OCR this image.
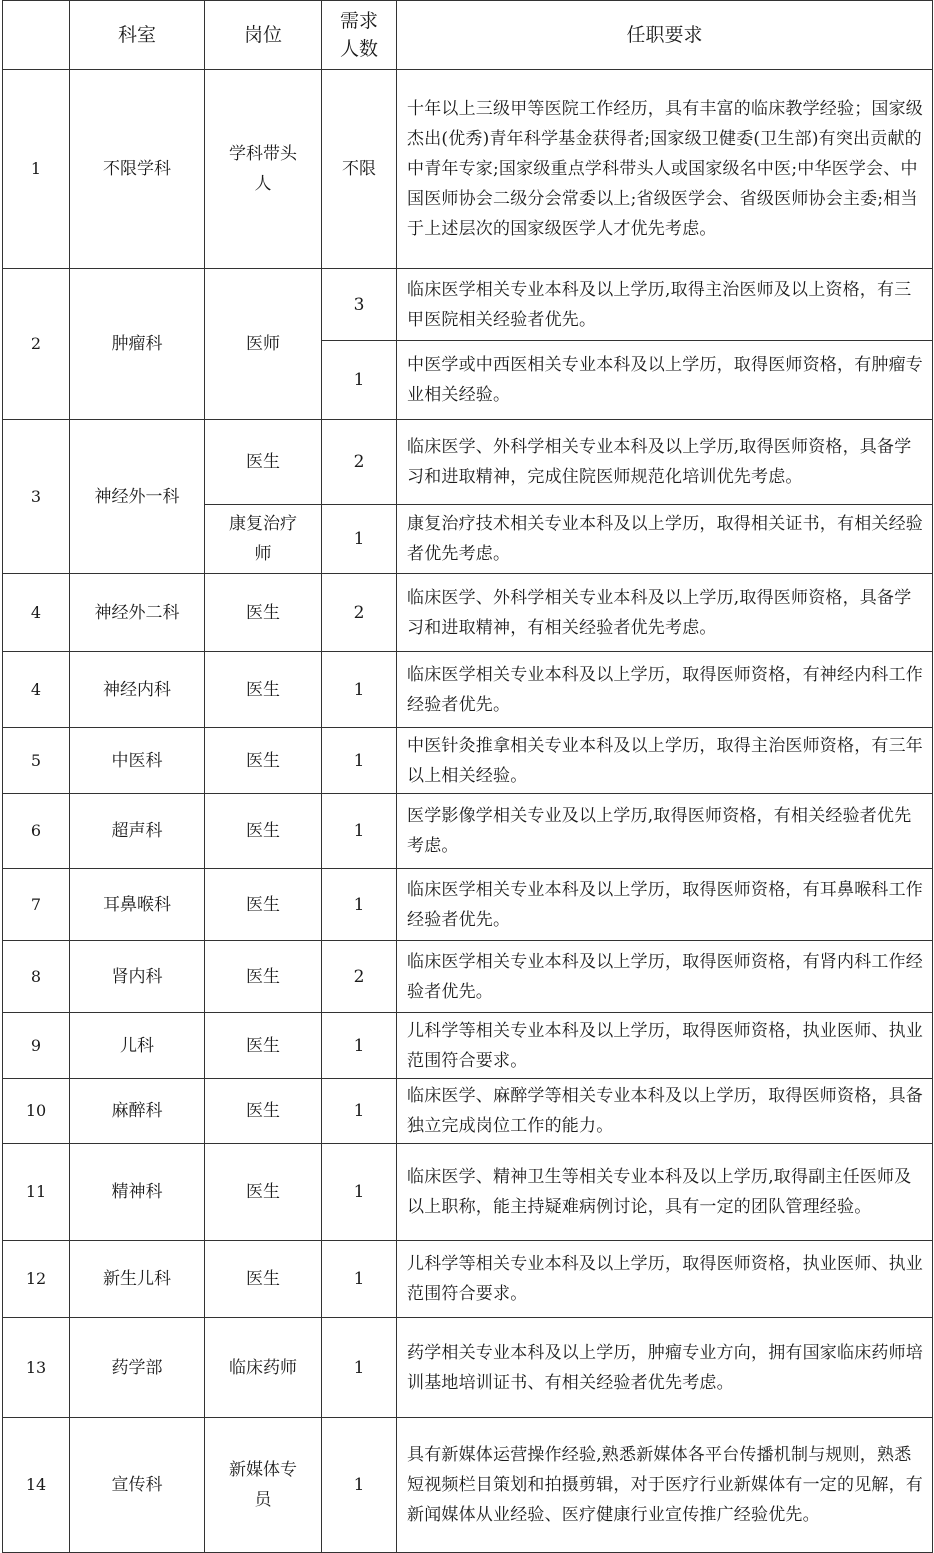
	科室	岗位	需求人数	任职要求
1	不限学科	学科带头人	不限	十年以上三级甲等医院工作经历，具有丰富的临床教学经验；国家级杰出(优秀)青年科学基金获得者;国家级卫健委(卫生部)有突出贡献的中青年专家;国家级重点学科带头人或国家级名中医;中华医学会、中国医师协会二级分会常委以上;省级医学会、省级医师协会主委;相当于上述层次的国家级医学人才优先考虑。
2	肿瘤科	医师	3	临床医学相关专业本科及以上学历,取得主治医师及以上资格，有三甲医院相关经验者优先。
			1	中医学或中西医相关专业本科及以上学历，取得医师资格，有肿瘤专业相关经验。
3	神经外一科	医生	2	临床医学、外科学相关专业本科及以上学历,取得医师资格，具备学习和进取精神，完成住院医师规范化培训优先考虑。
		康复治疗师	1	康复治疗技术相关专业本科及以上学历，取得相关证书，有相关经验者优先考虑。
4	神经外二科	医生	2	临床医学、外科学相关专业本科及以上学历,取得医师资格，具备学习和进取精神，有相关经验者优先考虑。
4	神经内科	医生	1	临床医学相关专业本科及以上学历，取得医师资格，有神经内科工作经验者优先。
5	中医科	医生	1	中医针灸推拿相关专业本科及以上学历，取得主治医师资格，有三年以上相关经验。
6	超声科	医生	1	医学影像学相关专业及以上学历,取得医师资格，有相关经验者优先考虑。
7	耳鼻喉科	医生	1	临床医学相关专业本科及以上学历，取得医师资格，有耳鼻喉科工作经验者优先。
8	肾内科	医生	2	临床医学相关专业本科及以上学历，取得医师资格，有肾内科工作经验者优先。
9	儿科	医生	1	儿科学等相关专业本科及以上学历，取得医师资格，执业医师、执业范围符合要求。
10	麻醉科	医生	1	临床医学、麻醉学等相关专业本科及以上学历，取得医师资格，具备独立完成岗位工作的能力。
11	精神科	医生	1	临床医学、精神卫生等相关专业本科及以上学历,取得副主任医师及以上职称，能主持疑难病例讨论，具有一定的团队管理经验。
12	新生儿科	医生	1	儿科学等相关专业本科及以上学历，取得医师资格，执业医师、执业范围符合要求。
13	药学部	临床药师	1	药学相关专业本科及以上学历，肿瘤专业方向，拥有国家临床药师培训基地培训证书、有相关经验者优先考虑。
14	宣传科	新媒体专员	1	具有新媒体运营操作经验,熟悉新媒体各平台传播机制与规则，熟悉短视频栏目策划和拍摄剪辑，对于医疗行业新媒体有一定的见解，有新闻媒体从业经验、医疗健康行业宣传推广经验优先。
